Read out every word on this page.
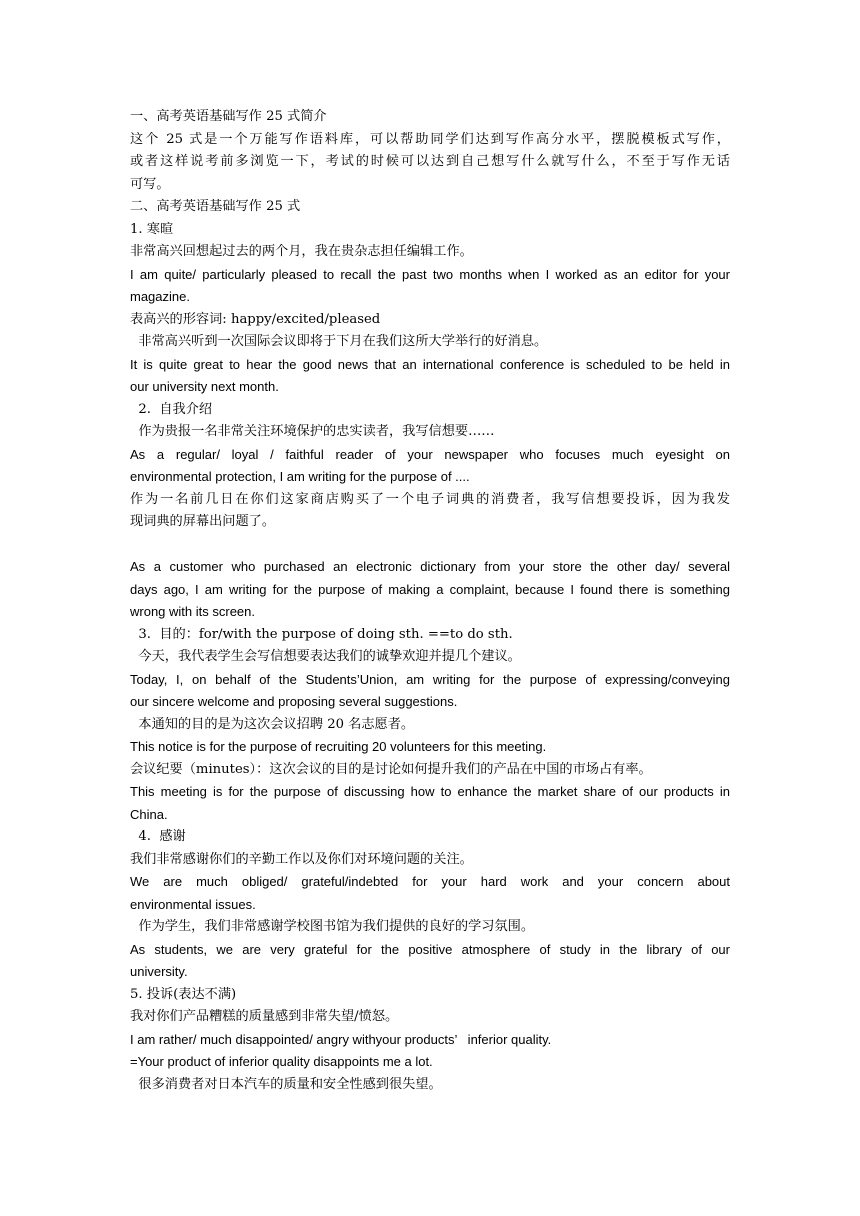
一、高考英语基础写作 25 式简介
这个 25 式是一个万能写作语料库，可以帮助同学们达到写作高分水平，摆脱模板式写作，
或者这样说考前多浏览一下，考试的时候可以达到自己想写什么就写什么，不至于写作无话
可写。
二、高考英语基础写作 25 式
1. 寒暄
非常高兴回想起过去的两个月，我在贵杂志担任编辑工作。
I am quite/ particularly pleased to recall the past two months when I worked as an editor for your
magazine.
表高兴的形容词: happy/excited/pleased
非常高兴听到一次国际会议即将于下月在我们这所大学举行的好消息。
It is quite great to hear the good news that an international conference is scheduled to be held in
our university next month.
2.  自我介绍
作为贵报一名非常关注环境保护的忠实读者，我写信想要……
As a regular/ loyal / faithful reader of your newspaper who focuses much eyesight on
environmental protection, I am writing for the purpose of ....
作为一名前几日在你们这家商店购买了一个电子词典的消费者，我写信想要投诉，因为我发
现词典的屏幕出问题了。
As a customer who purchased an electronic dictionary from your store the other day/ several
days ago, I am writing for the purpose of making a complaint, because I found there is something
wrong with its screen.
3.  目的：for/with the purpose of doing sth. ==to do sth.
今天，我代表学生会写信想要表达我们的诚挚欢迎并提几个建议。
Today, I, on behalf of the Students’Union, am writing for the purpose of expressing/conveying
our sincere welcome and proposing several suggestions.
本通知的目的是为这次会议招聘 20 名志愿者。
This notice is for the purpose of recruiting 20 volunteers for this meeting.
会议纪要（minutes）：这次会议的目的是讨论如何提升我们的产品在中国的市场占有率。
This meeting is for the purpose of discussing how to enhance the market share of our products in
China.
4.  感谢
我们非常感谢你们的辛勤工作以及你们对环境问题的关注。
We are much obliged/ grateful/indebted for your hard work and your concern about
environmental issues.
作为学生，我们非常感谢学校图书馆为我们提供的良好的学习氛围。
As students, we are very grateful for the positive atmosphere of study in the library of our
university.
5. 投诉(表达不满)
我对你们产品糟糕的质量感到非常失望/愤怒。
I am rather/ much disappointed/ angry withyour products’   inferior quality.
=Your product of inferior quality disappoints me a lot.
很多消费者对日本汽车的质量和安全性感到很失望。
